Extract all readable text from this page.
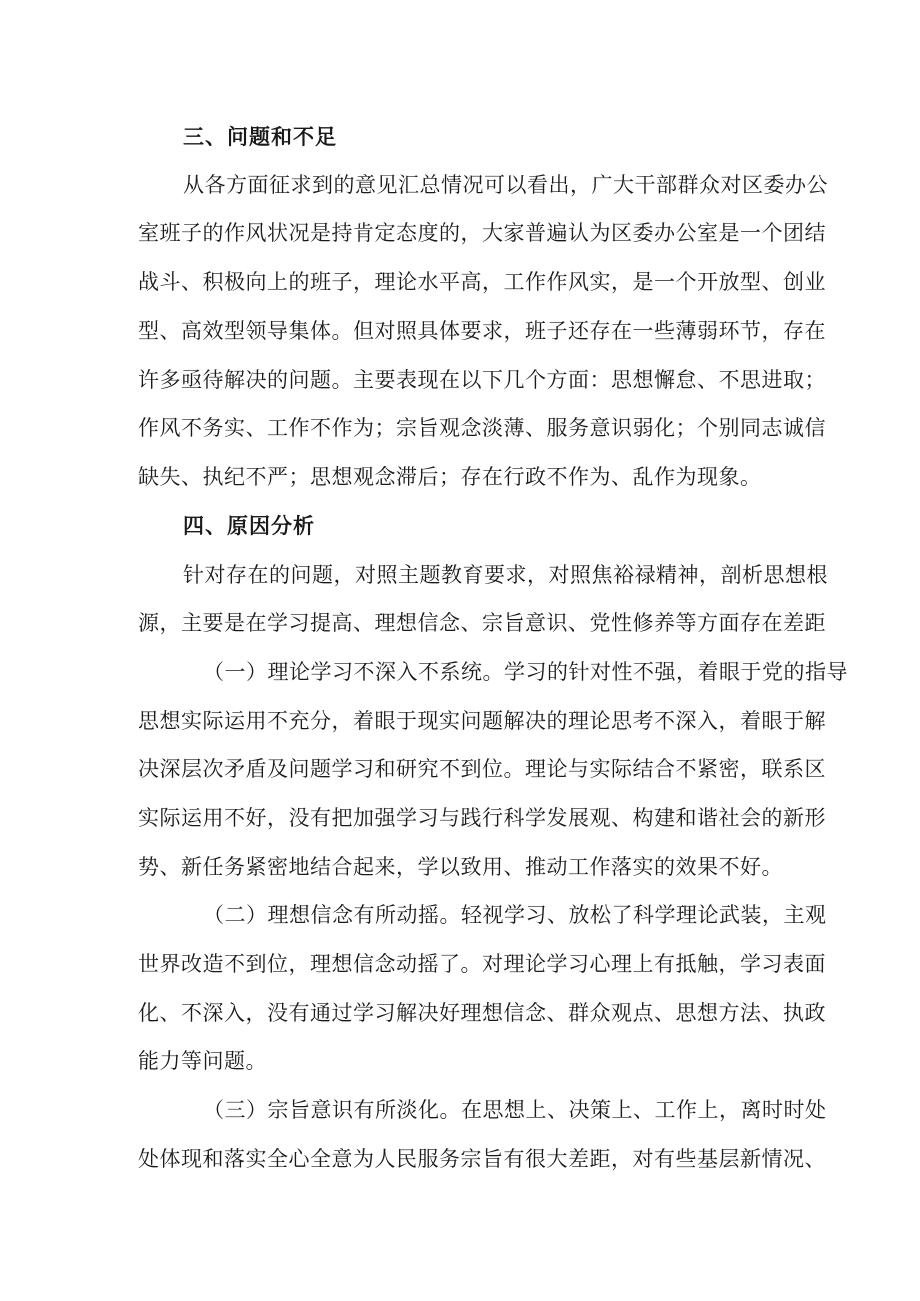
三、问题和不足
从各方面征求到的意见汇总情况可以看出，广大干部群众对区委办公
室班子的作风状况是持肯定态度的，大家普遍认为区委办公室是一个团结
战斗、积极向上的班子，理论水平高，工作作风实，是一个开放型、创业
型、高效型领导集体。但对照具体要求，班子还存在一些薄弱环节，存在
许多亟待解决的问题。主要表现在以下几个方面：思想懈怠、不思进取；
作风不务实、工作不作为；宗旨观念淡薄、服务意识弱化；个别同志诚信
缺失、执纪不严；思想观念滞后；存在行政不作为、乱作为现象。
四、原因分析
针对存在的问题，对照主题教育要求，对照焦裕禄精神，剖析思想根
源，主要是在学习提高、理想信念、宗旨意识、党性修养等方面存在差距
（一）理论学习不深入不系统。学习的针对性不强，着眼于党的指导
思想实际运用不充分，着眼于现实问题解决的理论思考不深入，着眼于解
决深层次矛盾及问题学习和研究不到位。理论与实际结合不紧密，联系区
实际运用不好，没有把加强学习与践行科学发展观、构建和谐社会的新形
势、新任务紧密地结合起来，学以致用、推动工作落实的效果不好。
（二）理想信念有所动摇。轻视学习、放松了科学理论武装，主观
世界改造不到位，理想信念动摇了。对理论学习心理上有抵触，学习表面
化、不深入，没有通过学习解决好理想信念、群众观点、思想方法、执政
能力等问题。
（三）宗旨意识有所淡化。在思想上、决策上、工作上，离时时处
处体现和落实全心全意为人民服务宗旨有很大差距，对有些基层新情况、
